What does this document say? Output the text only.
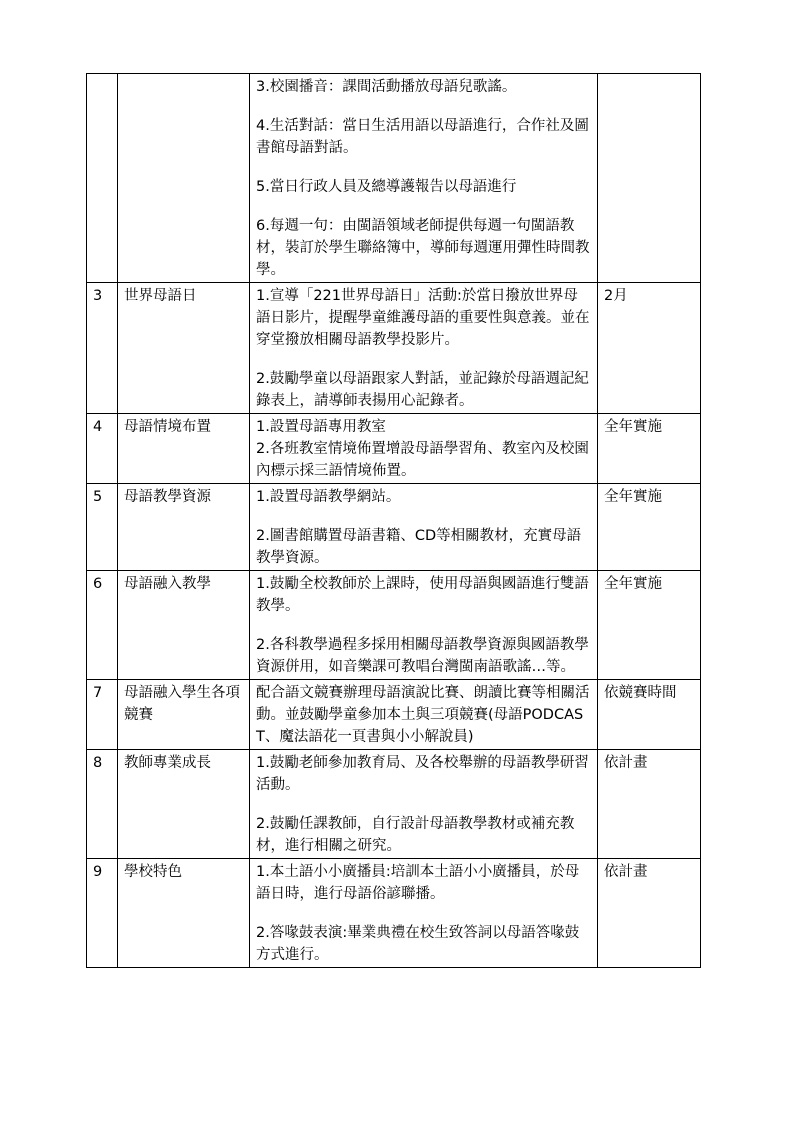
		3.校園播音：課間活動播放母語兒歌謠。
4.生活對話：當日生活用語以母語進行，合作社及圖書館母語對話。
5.當日行政人員及總導護報告以母語進行
6.每週一句：由閩語領域老師提供每週一句閩語教材，裝訂於學生聯絡簿中，導師每週運用彈性時間教學。	

3	世界母語日	1.宣導「221世界母語日」活動:於當日撥放世界母語日影片，提醒學童維護母語的重要性與意義。並在穿堂撥放相關母語教學投影片。
2.鼓勵學童以母語跟家人對話，並記錄於母語週記紀錄表上，請導師表揚用心記錄者。	2月
4	母語情境布置	1.設置母語專用教室
2.各班教室情境佈置增設母語學習角、教室內及校園內標示採三語情境佈置。	全年實施
5	母語教學資源	1.設置母語教學網站。
2.圖書館購置母語書籍、CD等相關教材，充實母語教學資源。	全年實施
6	母語融入教學	1.鼓勵全校教師於上課時，使用母語與國語進行雙語教學。
2.各科教學過程多採用相關母語教學資源與國語教學資源併用，如音樂課可教唱台灣閩南語歌謠…等。	全年實施
7	母語融入學生各項競賽	配合語文競賽辦理母語演說比賽、朗讀比賽等相關活動。並鼓勵學童參加本土與三項競賽(母語PODCAST、魔法語花一頁書與小小解說員)	依競賽時間
8	教師專業成長	1.鼓勵老師參加教育局、及各校舉辦的母語教學研習活動。
2.鼓勵任課教師，自行設計母語教學教材或補充教材，進行相關之研究。	依計畫
9	學校特色	1.本土語小小廣播員:培訓本土語小小廣播員，於母語日時，進行母語俗諺聯播。
2.答喙鼓表演:畢業典禮在校生致答詞以母語答喙鼓方式進行。	依計畫
